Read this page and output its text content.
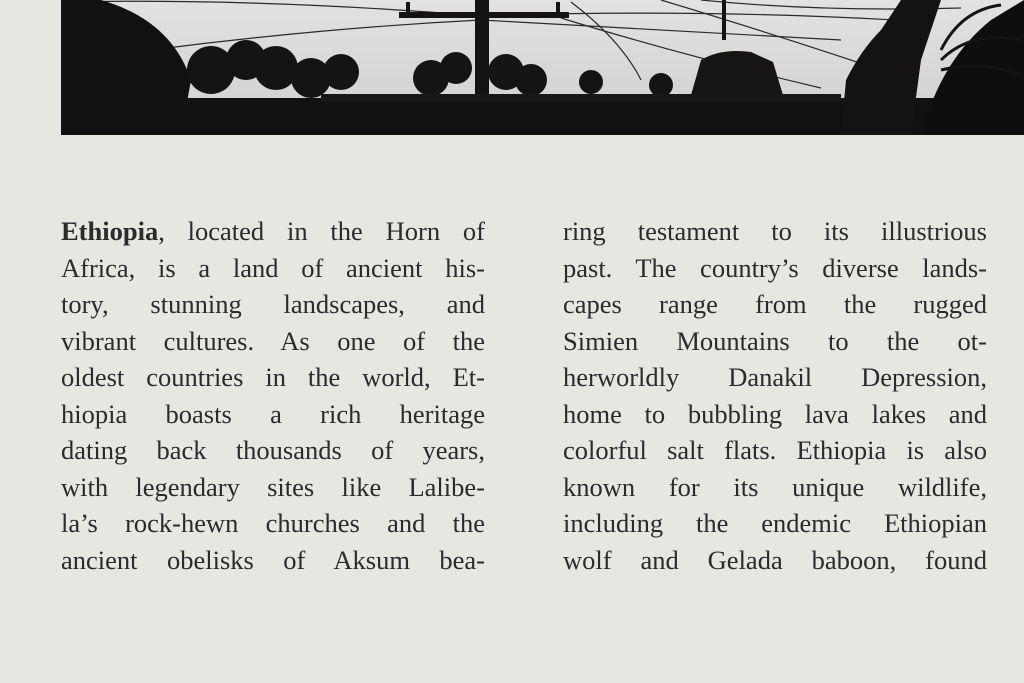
Ethiopia, located in the Horn of
Africa, is a land of ancient his-
tory, stunning landscapes, and
vibrant cultures. As one of the
oldest countries in the world, Et-
hiopia boasts a rich heritage
dating back thousands of years,
with legendary sites like Lalibe-
la’s rock-hewn churches and the
ancient obelisks of Aksum bea-
ring testament to its illustrious
past. The country’s diverse lands-
capes range from the rugged
Simien Mountains to the ot-
herworldly Danakil Depression,
home to bubbling lava lakes and
colorful salt flats. Ethiopia is also
known for its unique wildlife,
including the endemic Ethiopian
wolf and Gelada baboon, found
